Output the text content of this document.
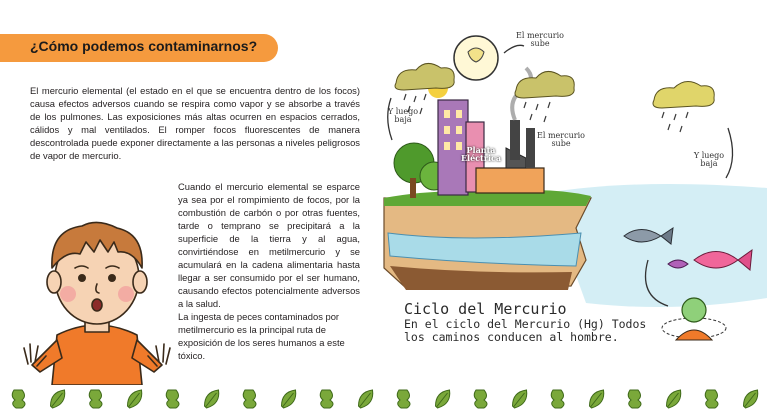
¿Cómo podemos contaminarnos?

El mercurio elemental (el estado en el que se encuentra dentro de los focos) causa efectos adversos cuando se respira como vapor y se absorbe a través de los pulmones. Las exposiciones más altas ocurren en espacios cerrados, cálidos y mal ventilados. El romper focos fluorescentes de manera descontrolada puede exponer directamente a las personas a niveles peligrosos de vapor de mercurio.

Cuando el mercurio elemental se esparce ya sea por el rompimiento de focos, por la combustión de carbón o por otras fuentes, tarde o temprano se precipitará a la superficie de la tierra y al agua, convirtiéndose en metilmercurio y se acumulará en la cadena alimentaria hasta llegar a ser consumido por el ser humano, causando efectos potencialmente adversos a la salud.

La ingesta de peces contaminados por metilmercurio es la principal ruta de exposición de los seres humanos a este tóxico.

El mercurio sube
El mercurio sube
Y luego baja
Y luego baja
Planta Eléctrica
Ciclo del Mercurio
En el ciclo del Mercurio (Hg) Todos los caminos conducen al hombre.
